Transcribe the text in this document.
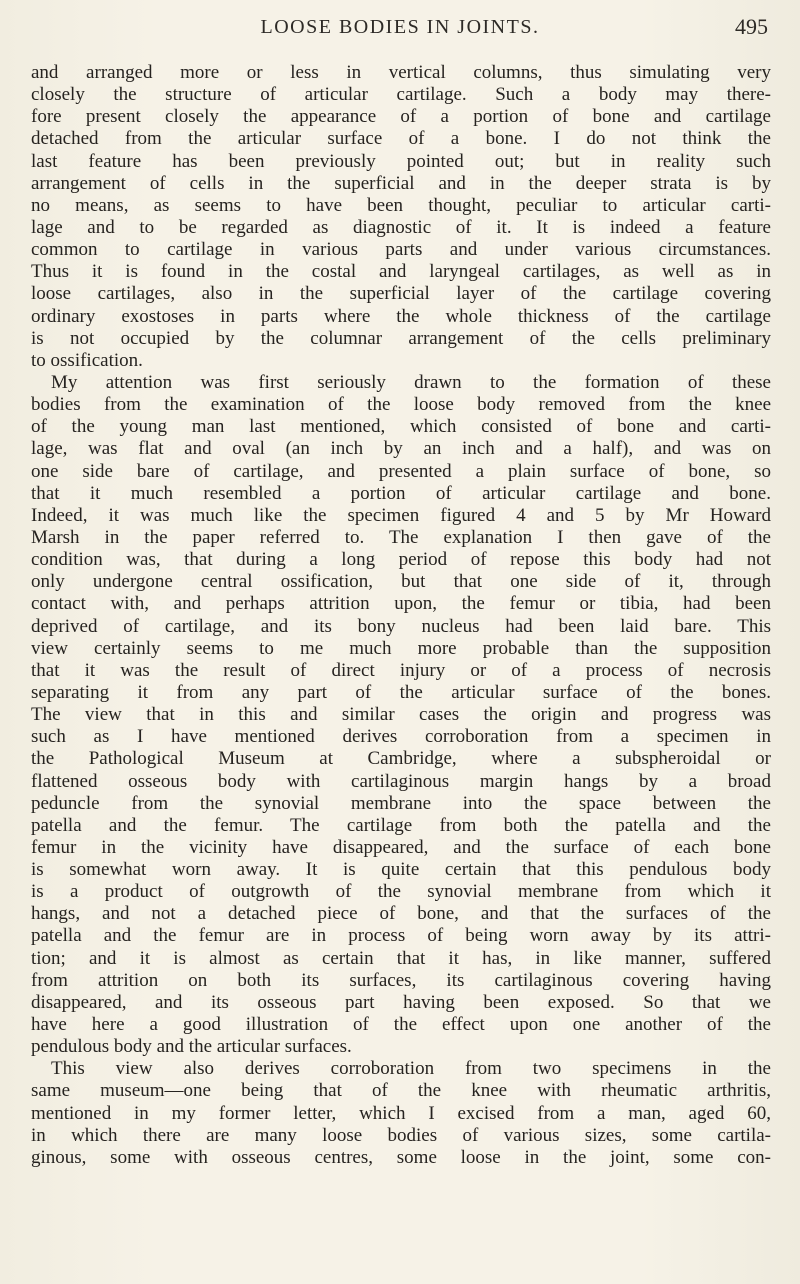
LOOSE BODIES IN JOINTS.	495
and arranged more or less in vertical columns, thus simulating very
closely the structure of articular cartilage. Such a body may there-
fore present closely the appearance of a portion of bone and cartilage
detached from the articular surface of a bone. I do not think the
last feature has been previously pointed out; but in reality such
arrangement of cells in the superficial and in the deeper strata is by
no means, as seems to have been thought, peculiar to articular carti-
lage and to be regarded as diagnostic of it. It is indeed a feature
common to cartilage in various parts and under various circumstances.
Thus it is found in the costal and laryngeal cartilages, as well as in
loose cartilages, also in the superficial layer of the cartilage covering
ordinary exostoses in parts where the whole thickness of the cartilage
is not occupied by the columnar arrangement of the cells preliminary
to ossification.
My attention was first seriously drawn to the formation of these
bodies from the examination of the loose body removed from the knee
of the young man last mentioned, which consisted of bone and carti-
lage, was flat and oval (an inch by an inch and a half), and was on
one side bare of cartilage, and presented a plain surface of bone, so
that it much resembled a portion of articular cartilage and bone.
Indeed, it was much like the specimen figured 4 and 5 by Mr Howard
Marsh in the paper referred to. The explanation I then gave of the
condition was, that during a long period of repose this body had not
only undergone central ossification, but that one side of it, through
contact with, and perhaps attrition upon, the femur or tibia, had been
deprived of cartilage, and its bony nucleus had been laid bare. This
view certainly seems to me much more probable than the supposition
that it was the result of direct injury or of a process of necrosis
separating it from any part of the articular surface of the bones.
The view that in this and similar cases the origin and progress was
such as I have mentioned derives corroboration from a specimen in
the Pathological Museum at Cambridge, where a subspheroidal or
flattened osseous body with cartilaginous margin hangs by a broad
peduncle from the synovial membrane into the space between the
patella and the femur. The cartilage from both the patella and the
femur in the vicinity have disappeared, and the surface of each bone
is somewhat worn away. It is quite certain that this pendulous body
is a product of outgrowth of the synovial membrane from which it
hangs, and not a detached piece of bone, and that the surfaces of the
patella and the femur are in process of being worn away by its attri-
tion; and it is almost as certain that it has, in like manner, suffered
from attrition on both its surfaces, its cartilaginous covering having
disappeared, and its osseous part having been exposed. So that we
have here a good illustration of the effect upon one another of the
pendulous body and the articular surfaces.
This view also derives corroboration from two specimens in the
same museum—one being that of the knee with rheumatic arthritis,
mentioned in my former letter, which I excised from a man, aged 60,
in which there are many loose bodies of various sizes, some cartila-
ginous, some with osseous centres, some loose in the joint, some con-
